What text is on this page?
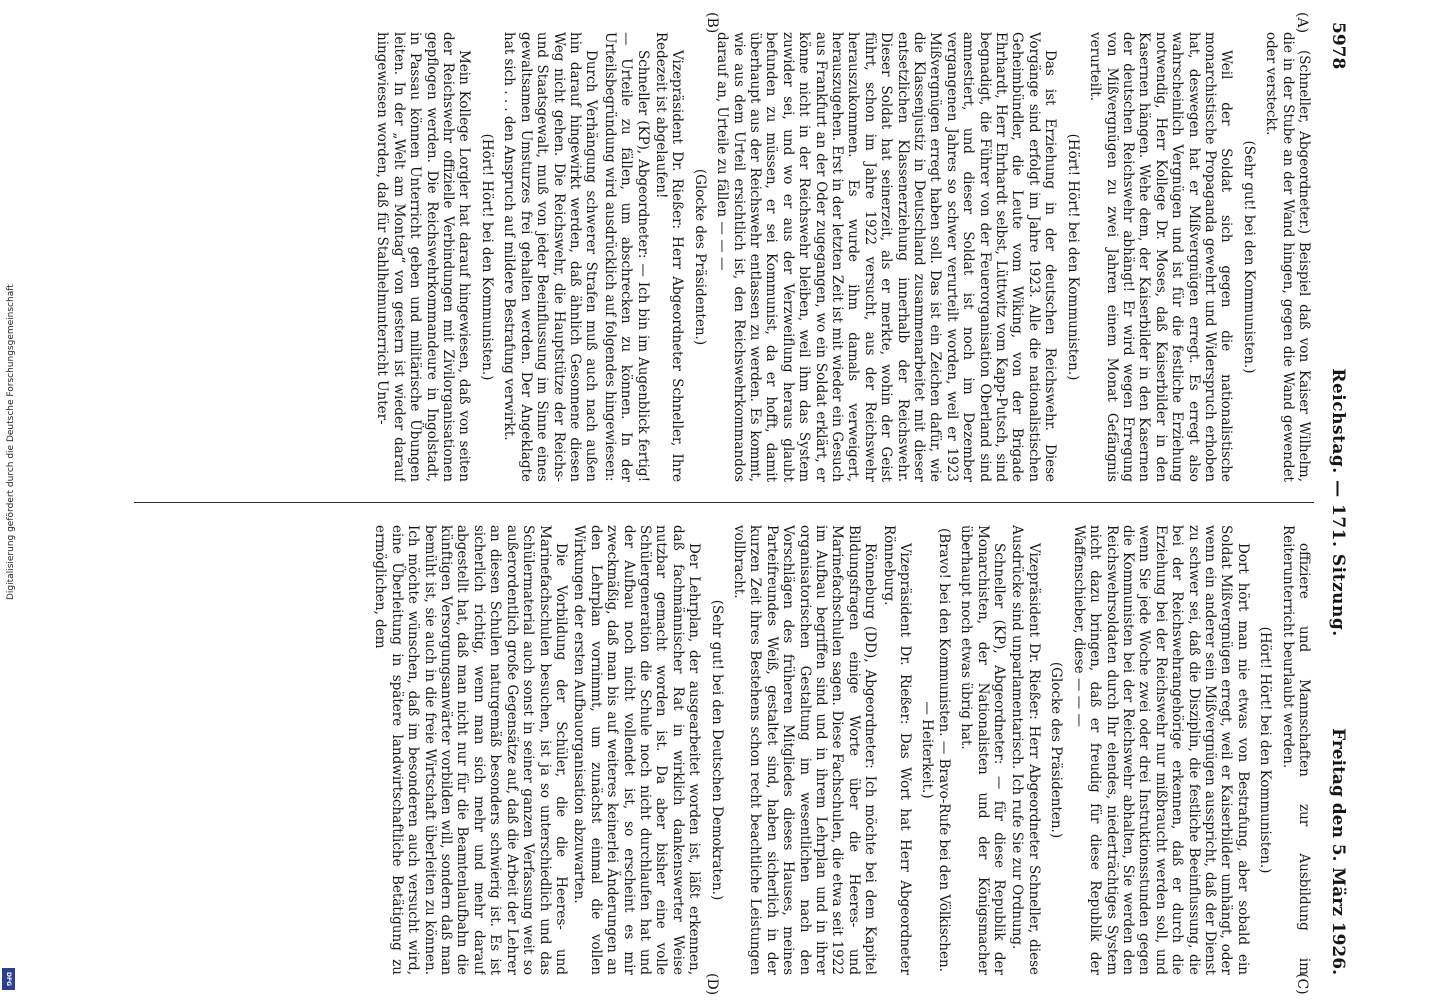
5978
Reichstag. — 171. Sitzung.
Freitag den 5. März 1926.
(A)
(B)
(C)
(D)

(Schneller, Abgeordneter.) Beispiel daß von Kaiser Wilhelm, die in der Stube an der Wand hingen, gegen die Wand gewendet oder versteckt.

(Sehr gut! bei den Kommunisten.)

Weil der Soldat sich gegen die nationalistische monarchistische Propaganda gewehrt und Widerspruch erhoben hat, deswegen hat er Mißvergnügen erregt. Es erregt also wahrscheinlich Vergnügen und ist für die festliche Erziehung notwendig, Herr Kollege Dr. Moses, daß Kaiserbilder in den Kasernen hängen. Wehe dem, der Kaiserbilder in den Kasernen der deutschen Reichswehr abhängt! Er wird wegen Erregung von Mißvergnügen zu zwei Jahren einem Monat Gefängnis verurteilt.

(Hört! Hört! bei den Kommunisten.)

Das ist Erziehung in der deutschen Reichswehr. Diese Vorgänge sind erfolgt im Jahre 1923. Alle die nationalistischen Geheimbündler, die Leute vom Wiking, von der Brigade Ehrhardt, Herr Ehrhardt selbst, Lüttwitz vom Kapp-Putsch, sind begnadigt, die Führer von der Feuerorganisation Oberland sind amnestiert, und dieser Soldat ist noch im Dezember vergangenen Jahres so schwer verurteilt worden, weil er 1923 Mißvergnügen erregt haben soll. Das ist ein Zeichen dafür, wie die Klassenjustiz in Deutschland zusammenarbeitet mit dieser entsetzlichen Klassenerziehung innerhalb der Reichswehr. Dieser Soldat hat seinerzeit, als er merkte, wohin der Geist führt, schon im Jahre 1922 versucht, aus der Reichswehr herauszukommen. Es wurde ihm damals verweigert, herauszugehen. Erst in der letzten Zeit ist mit wieder ein Gesuch aus Frankfurt an der Oder zugegangen, wo ein Soldat erklärt, er könne nicht in der Reichswehr bleiben, weil ihm das System zuwider sei, und wo er aus der Verzweiflung heraus glaubt befunden zu müssen, er sei Kommunist, da er hofft, damit überhaupt aus der Reichswehr entlassen zu werden. Es kommt, wie aus dem Urteil ersichtlich ist, den Reichswehrkommandos darauf an, Urteile zu fällen — — —

(Glocke des Präsidenten.)

Vizepräsident Dr. Rießer: Herr Abgeordneter Schneller, Ihre Redezeit ist abgelaufen!

Schneller (KP), Abgeordneter: — Ich bin im Augenblick fertig! — Urteile zu fällen, um abschrecken zu können. In der Urteilsbegründung wird ausdrücklich auf folgendes hingewiesen:

Durch Verhängung schwerer Strafen muß auch nach außen hin darauf hingewirkt werden, daß ähnlich Gesonnene diesen Weg nicht gehen. Die Reichswehr, die Hauptstütze der Reichs- und Staatsgewalt, muß von jeder Beeinflussung im Sinne eines gewaltsamen Umsturzes frei gehalten werden. Der Angeklagte hat sich . . . den Anspruch auf mildere Bestrafung verwirkt.

(Hört! Hört! bei den Kommunisten.)

Mein Kollege Lorgler hat darauf hingewiesen, daß von seiten der Reichswehr offizielle Verbindungen mit Zivilorganisationen gepflogen werden. Die Reichswehrkommandeure in Ingolstadt, in Passau können Unterricht geben und militärische Übungen leiten. In der „Welt am Montag“ von gestern ist wieder darauf hingewiesen worden, daß für Stahlhelmunterricht Unter-

offiziere und Mannschaften zur Ausbildung im Reiterunterricht beurlaubt werden.

(Hört! Hört! bei den Kommunisten.)

Dort hört man nie etwas von Bestrafung, aber sobald ein Soldat Mißvergnügen erregt, weil er Kaiserbilder umhängt, oder wenn ein anderer sein Mißvergnügen ausspricht, daß der Dienst zu schwer sei, daß die Disziplin, die festliche Beeinflussung, die bei der Reichswehrangehörige erkennen, daß er durch die Erziehung bei der Reichswehr nur mißbraucht werden soll, und wenn Sie jede Woche zwei oder drei Instruktionsstunden gegen die Kommunisten bei der Reichswehr abhalten, Sie werden den Reichswehrsoldaten durch Ihr elendes, niederträchtiges System nicht dazu bringen, daß er freudig für diese Republik der Waffenschieber, diese — — —

(Glocke des Präsidenten.)

Vizepräsident Dr. Rießer: Herr Abgeordneter Schneller, diese Ausdrücke sind unparlamentarisch. Ich rufe Sie zur Ordnung.

Schneller (KP), Abgeordneter: — für diese Republik der Monarchisten, der Nationalisten und der Königsmacher überhaupt noch etwas übrig hat.

(Bravo! bei den Kommunisten. — Bravo-Rufe bei den Völkischen. — Heiterkeit.)

Vizepräsident Dr. Rießer: Das Wort hat Herr Abgeordneter Rönneburg.

Rönneburg (DD), Abgeordneter: Ich möchte bei dem Kapitel Bildungsfragen einige Worte über die Heeres- und Marinefachschulen sagen. Diese Fachschulen, die etwa seit 1922 im Aufbau begriffen sind und in ihrem Lehrplan und in ihrer organisatorischen Gestaltung im wesentlichen nach den Vorschlägen des früheren Mitgliedes dieses Hauses, meines Parteifreundes Weiß, gestaltet sind, haben sicherlich in der kurzen Zeit ihres Bestehens schon recht beachtliche Leistungen vollbracht.

(Sehr gut! bei den Deutschen Demokraten.)

Der Lehrplan, der ausgearbeitet worden ist, läßt erkennen, daß fachmännischer Rat in wirklich dankenswerter Weise nutzbar gemacht worden ist. Da aber bisher eine volle Schülergeneration die Schule noch nicht durchlaufen hat und der Aufbau noch nicht vollendet ist, so erscheint es mir zweckmäßig, daß man bis auf weiteres keinerlei Änderungen an den Lehrplan vornimmt, um zunächst einmal die vollen Wirkungen der ersten Aufbauorganisation abzuwarten.

Die Vorbildung der Schüler, die die Heeres- und Marinefachschulen besuchen, ist ja so unterschiedlich und das Schülermaterial auch sonst in seiner ganzen Verfassung weit so außerordentlich große Gegensätze auf, daß die Arbeit der Lehrer an diesen Schulen naturgemäß besonders schwierig ist. Es ist sicherlich richtig, wenn man sich mehr und mehr darauf abgestellt hat, daß man nicht nur für die Beamtenlaufbahn die künftigen Versorgungsanwärter vorbilden will, sondern daß man bemüht ist, sie auch in die freie Wirtschaft überleiten zu können. Ich möchte wünschen, daß im besonderen auch versucht wird, eine Überleitung in spätere landwirtschaftliche Betätigung zu ermöglichen, dem

Digitalisierung gefördert durch die Deutsche Forschungsgemeinschaft
DFG
